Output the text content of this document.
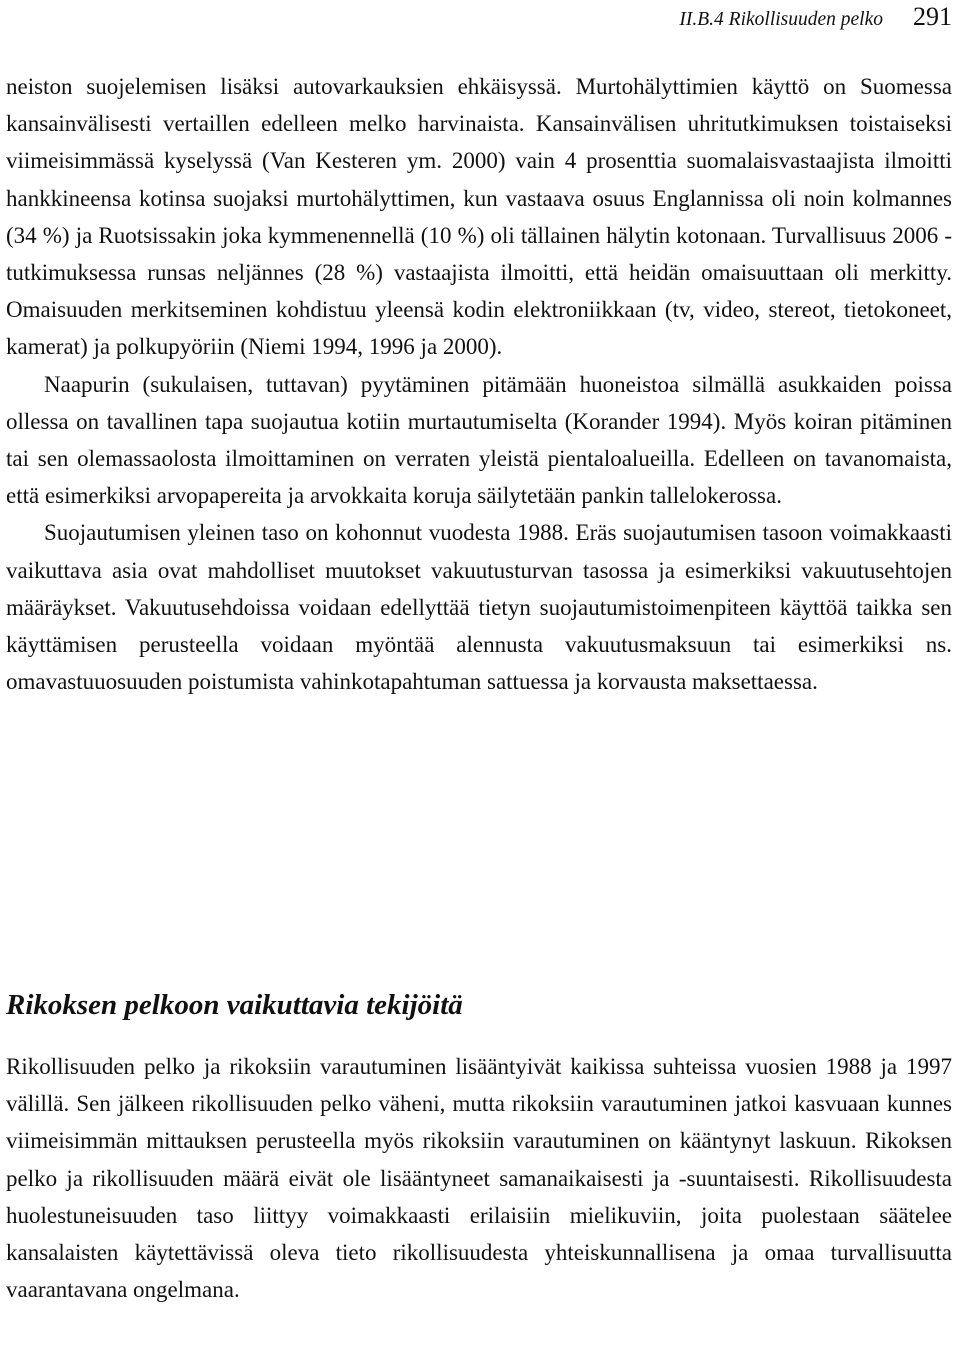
II.B.4 Rikollisuuden pelko 291

neiston suojelemisen lisäksi autovarkauksien ehkäisyssä. Murtohälyttimien käyttö on Suomessa kansainvälisesti vertaillen edelleen melko harvinaista. Kansainvälisen uhritutkimuksen toistaiseksi viimeisimmässä kyselyssä (Van Kesteren ym. 2000) vain 4 prosenttia suomalaisvastaajista ilmoitti hankkineensa kotinsa suojaksi murtohälyttimen, kun vastaava osuus Englannissa oli noin kolmannes (34 %) ja Ruotsissakin joka kymmenennellä (10 %) oli tällainen hälytin kotonaan. Turvallisuus 2006 -tutkimuksessa runsas neljännes (28 %) vastaajista ilmoitti, että heidän omaisuuttaan oli merkitty. Omaisuuden merkitseminen kohdistuu yleensä kodin elektroniikkaan (tv, video, stereot, tietokoneet, kamerat) ja polkupyöriin (Niemi 1994, 1996 ja 2000).

Naapurin (sukulaisen, tuttavan) pyytäminen pitämään huoneistoa silmällä asukkaiden poissa ollessa on tavallinen tapa suojautua kotiin murtautumiselta (Korander 1994). Myös koiran pitäminen tai sen olemassaolosta ilmoittaminen on verraten yleistä pientaloalueilla. Edelleen on tavanomaista, että esimerkiksi arvopapereita ja arvokkaita koruja säilytetään pankin tallelokerossa.

Suojautumisen yleinen taso on kohonnut vuodesta 1988. Eräs suojautumisen tasoon voimakkaasti vaikuttava asia ovat mahdolliset muutokset vakuutusturvan tasossa ja esimerkiksi vakuutusehtojen määräykset. Vakuutusehdoissa voidaan edellyttää tietyn suojautumistoimenpiteen käyttöä taikka sen käyttämisen perusteella voidaan myöntää alennusta vakuutusmaksuun tai esimerkiksi ns. omavastuuosuuden poistumista vahinkotapahtuman sattuessa ja korvausta maksettaessa.

Rikoksen pelkoon vaikuttavia tekijöitä

Rikollisuuden pelko ja rikoksiin varautuminen lisääntyivät kaikissa suhteissa vuosien 1988 ja 1997 välillä. Sen jälkeen rikollisuuden pelko väheni, mutta rikoksiin varautuminen jatkoi kasvuaan kunnes viimeisimmän mittauksen perusteella myös rikoksiin varautuminen on kääntynyt laskuun. Rikoksen pelko ja rikollisuuden määrä eivät ole lisääntyneet samanaikaisesti ja -suuntaisesti. Rikollisuudesta huolestuneisuuden taso liittyy voimakkaasti erilaisiin mielikuviin, joita puolestaan säätelee kansalaisten käytettävissä oleva tieto rikollisuudesta yhteiskunnallisena ja omaa turvallisuutta vaarantavana ongelmana.
